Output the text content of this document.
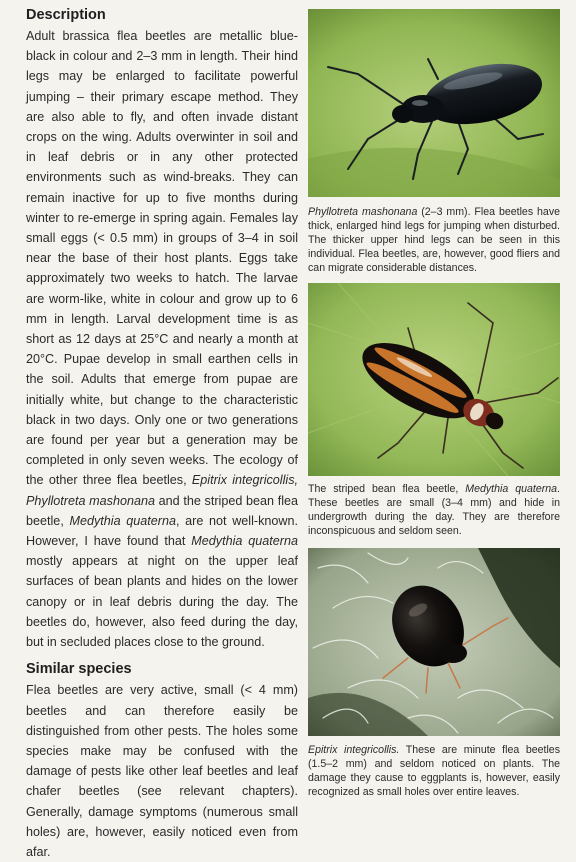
Description

Adult brassica flea beetles are metallic blue-black in colour and 2–3 mm in length. Their hind legs may be enlarged to facilitate powerful jumping – their primary escape method. They are also able to fly, and often invade distant crops on the wing. Adults overwinter in soil and in leaf debris or in any other protected environments such as wind-breaks. They can remain inactive for up to five months during winter to re-emerge in spring again. Females lay small eggs (< 0.5 mm) in groups of 3–4 in soil near the base of their host plants. Eggs take approximately two weeks to hatch. The larvae are worm-like, white in colour and grow up to 6 mm in length. Larval development time is as short as 12 days at 25°C and nearly a month at 20°C. Pupae develop in small earthen cells in the soil. Adults that emerge from pupae are initially white, but change to the characteristic black in two days. Only one or two generations are found per year but a generation may be completed in only seven weeks. The ecology of the other three flea beetles, Epitrix integricollis, Phyllotreta mashonana and the striped bean flea beetle, Medythia quaterna, are not well-known. However, I have found that Medythia quaterna mostly appears at night on the upper leaf surfaces of bean plants and hides on the lower canopy or in leaf debris during the day. The beetles do, however, also feed during the day, but in secluded places close to the ground.

Similar species

Flea beetles are very active, small (< 4 mm) beetles and can therefore easily be distinguished from other pests. The holes some species make may be confused with the damage of pests like other leaf beetles and leaf chafer beetles (see relevant chapters). Generally, damage symptoms (numerous small holes) are, however, easily noticed even from afar.

Phyllotreta mashonana (2–3 mm). Flea beetles have thick, enlarged hind legs for jumping when disturbed. The thicker upper hind legs can be seen in this individual. Flea beetles, are, however, good fliers and can migrate considerable distances.

The striped bean flea beetle, Medythia quaterna. These beetles are small (3–4 mm) and hide in undergrowth during the day. They are therefore inconspicuous and seldom seen.

Epitrix integricollis. These are minute flea beetles (1.5–2 mm) and seldom noticed on plants. The damage they cause to eggplants is, however, easily recognized as small holes over entire leaves.
